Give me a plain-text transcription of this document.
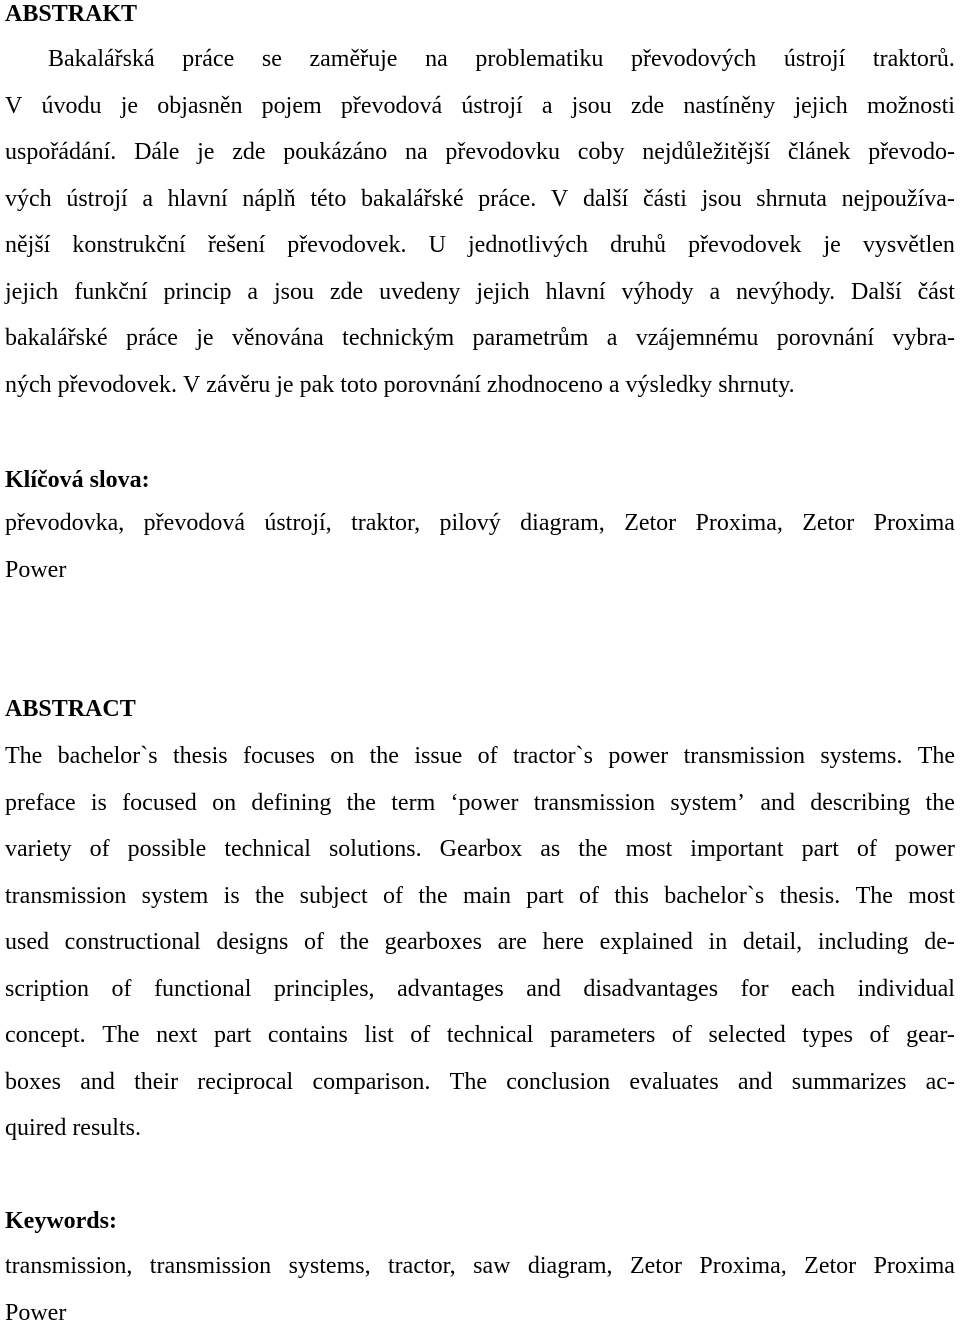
ABSTRAKT
Bakalářská práce se zaměřuje na problematiku převodových ústrojí traktorů.
V úvodu je objasněn pojem převodová ústrojí a jsou zde nastíněny jejich možnosti
uspořádání. Dále je zde poukázáno na převodovku coby nejdůležitější článek převodo-
vých ústrojí a hlavní náplň této bakalářské práce. V další části jsou shrnuta nejpoužíva-
nější konstrukční řešení převodovek. U jednotlivých druhů převodovek je vysvětlen
jejich funkční princip a jsou zde uvedeny jejich hlavní výhody a nevýhody. Další část
bakalářské práce je věnována technickým parametrům a vzájemnému porovnání vybra-
ných převodovek. V závěru je pak toto porovnání zhodnoceno a výsledky shrnuty.
Klíčová slova:
převodovka, převodová ústrojí, traktor, pilový diagram, Zetor Proxima, Zetor Proxima
Power
ABSTRACT
The bachelor`s thesis focuses on the issue of tractor`s power transmission systems. The
preface is focused on defining the term ‘power transmission system’ and describing the
variety of possible technical solutions. Gearbox as the most important part of power
transmission system is the subject of the main part of this bachelor`s thesis. The most
used constructional designs of the gearboxes are here explained in detail, including de-
scription of functional principles, advantages and disadvantages for each individual
concept. The next part contains list of technical parameters of selected types of gear-
boxes and their reciprocal comparison. The conclusion evaluates and summarizes ac-
quired results.
Keywords:
transmission, transmission systems, tractor, saw diagram, Zetor Proxima, Zetor Proxima
Power
